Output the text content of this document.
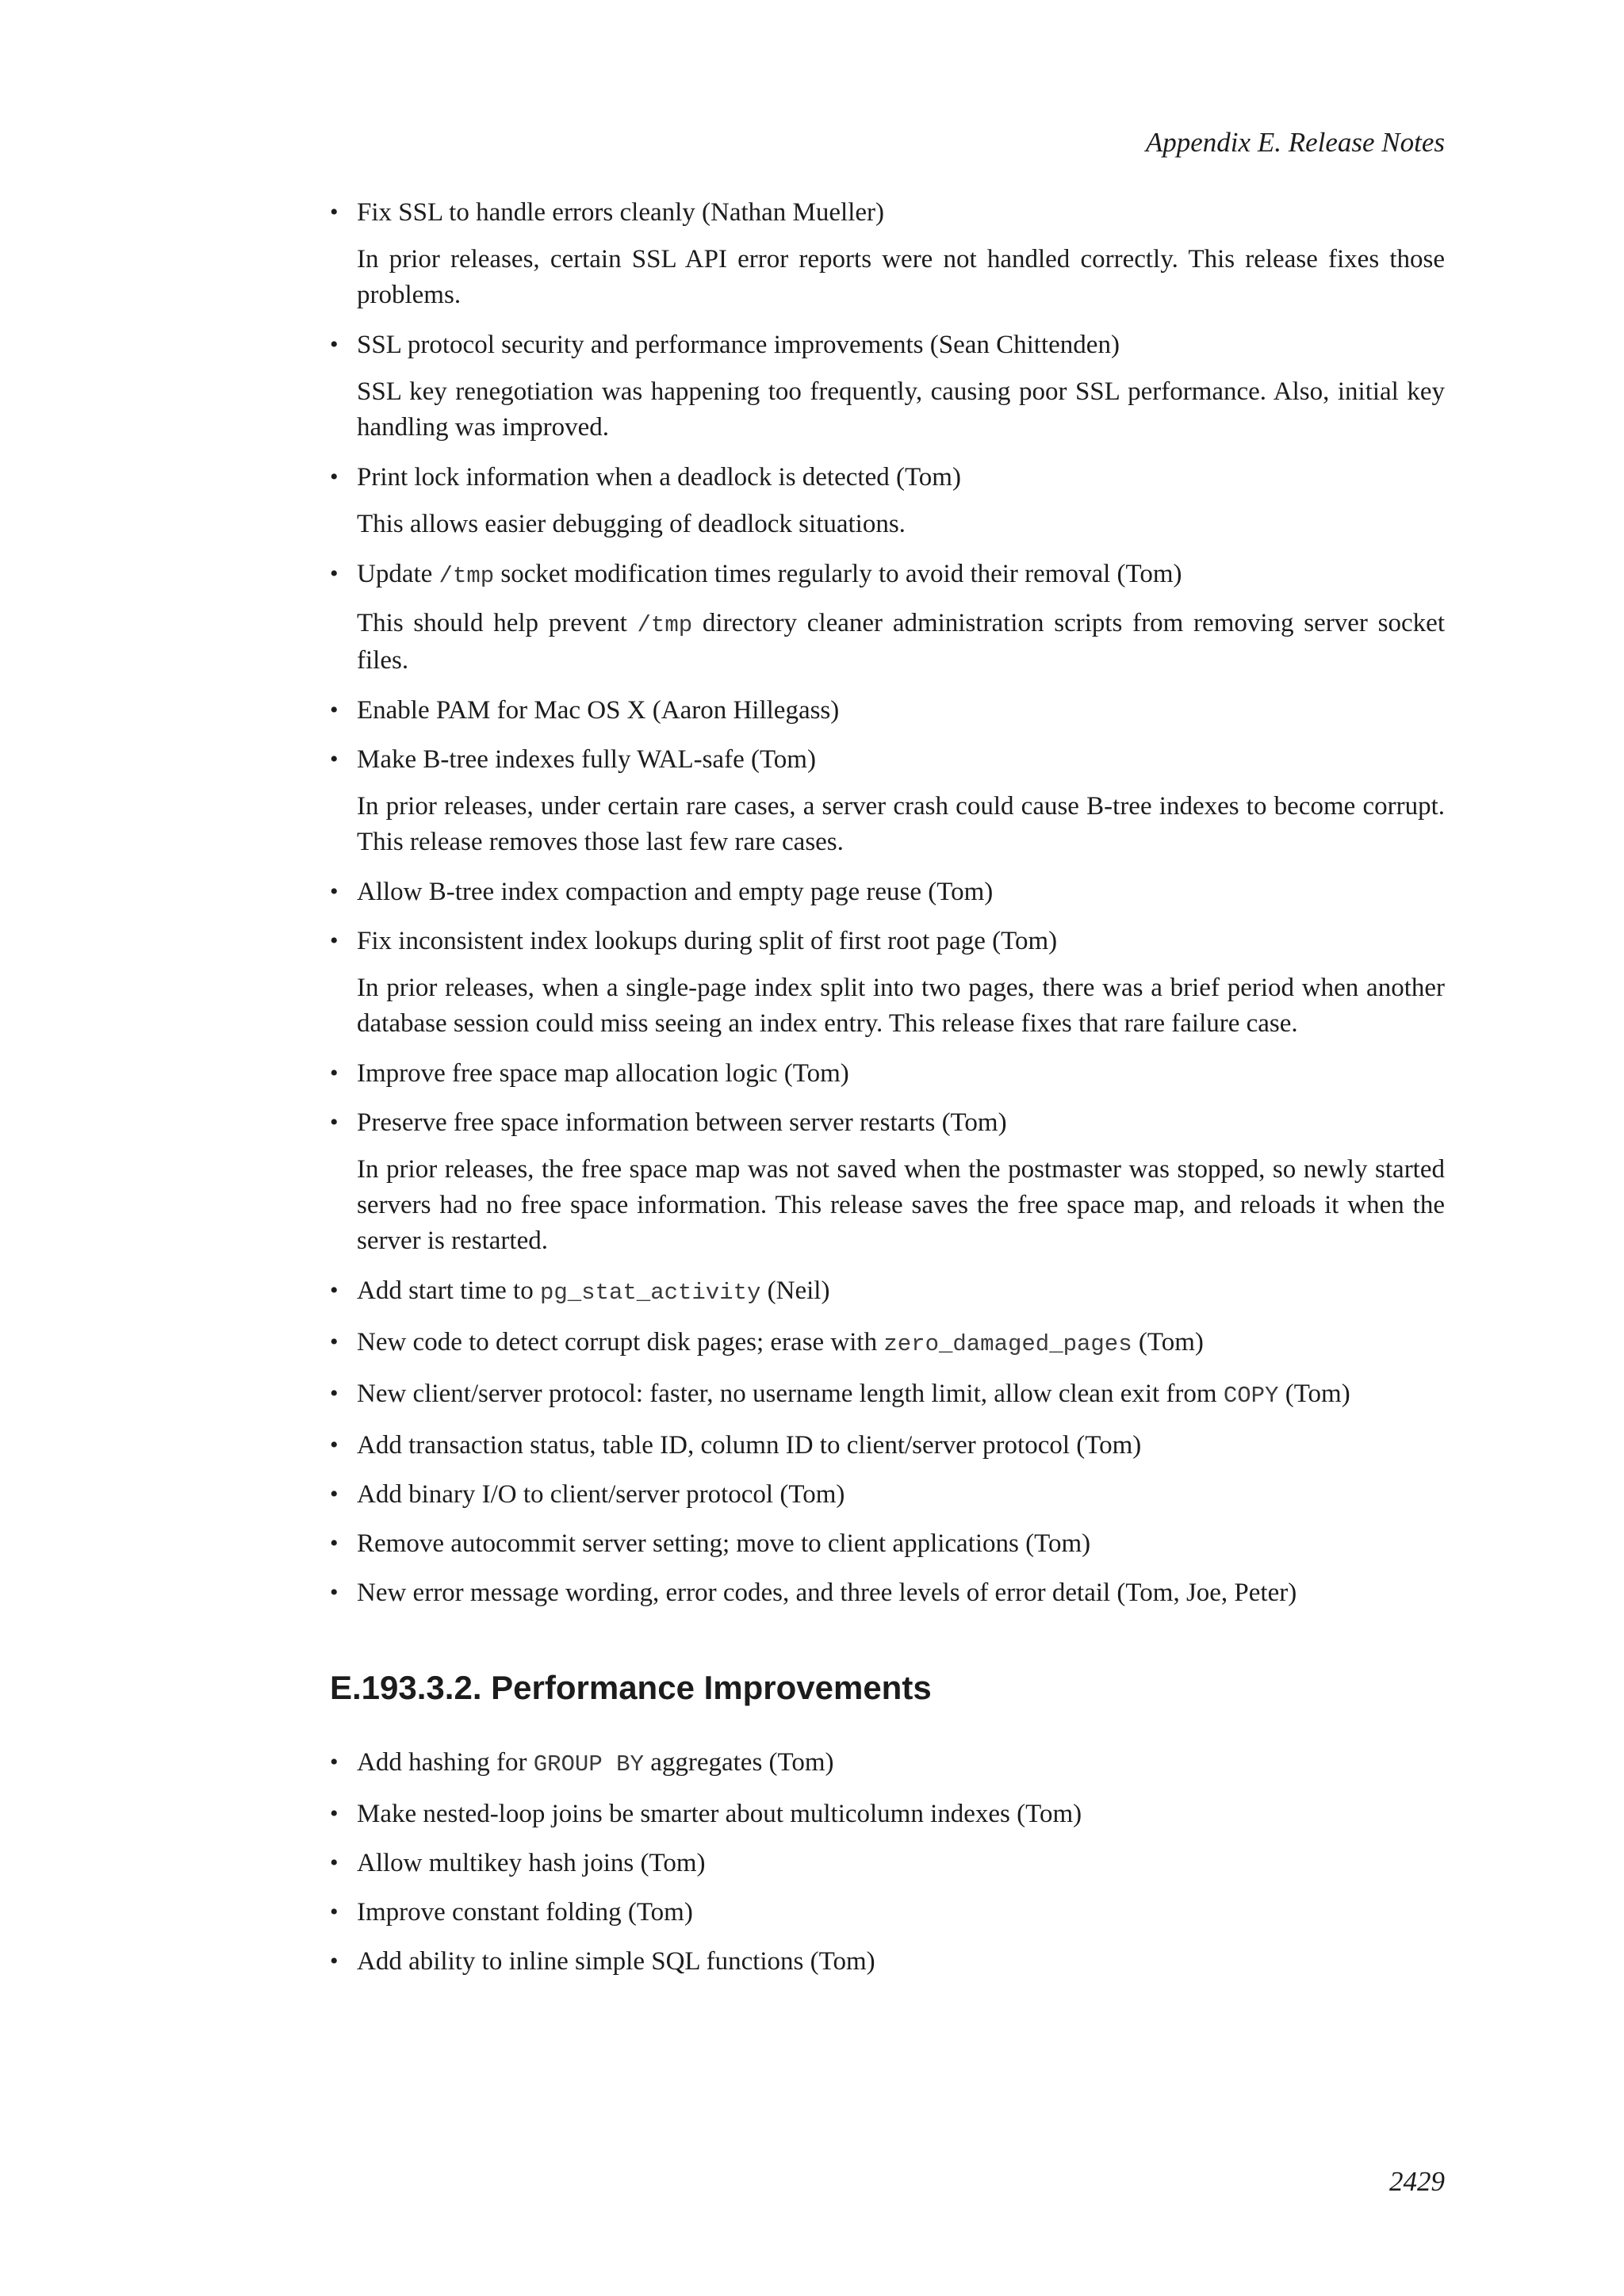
Appendix E. Release Notes
• Fix SSL to handle errors cleanly (Nathan Mueller)
In prior releases, certain SSL API error reports were not handled correctly. This release fixes those problems.
• SSL protocol security and performance improvements (Sean Chittenden)
SSL key renegotiation was happening too frequently, causing poor SSL performance. Also, initial key handling was improved.
• Print lock information when a deadlock is detected (Tom)
This allows easier debugging of deadlock situations.
• Update /tmp socket modification times regularly to avoid their removal (Tom)
This should help prevent /tmp directory cleaner administration scripts from removing server socket files.
• Enable PAM for Mac OS X (Aaron Hillegass)
• Make B-tree indexes fully WAL-safe (Tom)
In prior releases, under certain rare cases, a server crash could cause B-tree indexes to become corrupt. This release removes those last few rare cases.
• Allow B-tree index compaction and empty page reuse (Tom)
• Fix inconsistent index lookups during split of first root page (Tom)
In prior releases, when a single-page index split into two pages, there was a brief period when another database session could miss seeing an index entry. This release fixes that rare failure case.
• Improve free space map allocation logic (Tom)
• Preserve free space information between server restarts (Tom)
In prior releases, the free space map was not saved when the postmaster was stopped, so newly started servers had no free space information. This release saves the free space map, and reloads it when the server is restarted.
• Add start time to pg_stat_activity (Neil)
• New code to detect corrupt disk pages; erase with zero_damaged_pages (Tom)
• New client/server protocol: faster, no username length limit, allow clean exit from COPY (Tom)
• Add transaction status, table ID, column ID to client/server protocol (Tom)
• Add binary I/O to client/server protocol (Tom)
• Remove autocommit server setting; move to client applications (Tom)
• New error message wording, error codes, and three levels of error detail (Tom, Joe, Peter)
E.193.3.2. Performance Improvements
• Add hashing for GROUP BY aggregates (Tom)
• Make nested-loop joins be smarter about multicolumn indexes (Tom)
• Allow multikey hash joins (Tom)
• Improve constant folding (Tom)
• Add ability to inline simple SQL functions (Tom)
2429
